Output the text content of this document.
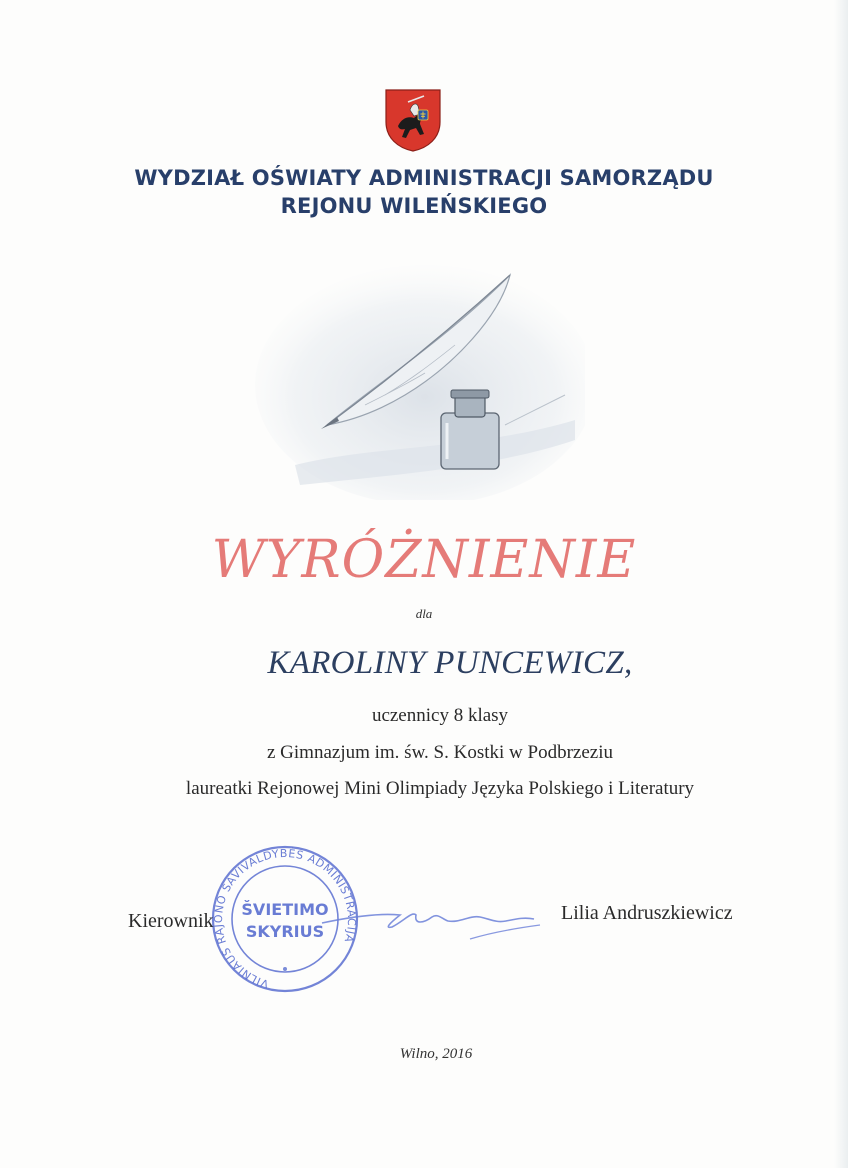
WYDZIAŁ OŚWIATY ADMINISTRACJI SAMORZĄDU
REJONU WILEŃSKIEGO
WYRÓŻNIENIE
dla
KAROLINY PUNCEWICZ,
uczennicy 8 klasy
z Gimnazjum im. św. S. Kostki w Podbrzeziu
laureatki Rejonowej Mini Olimpiady Języka Polskiego i Literatury
VILNIAUS RAJONO SAVIVALDYBĖS ADMINISTRACIJA
ŠVIETIMO
SKYRIUS
Kierownik	Lilia Andruszkiewicz
Wilno, 2016
